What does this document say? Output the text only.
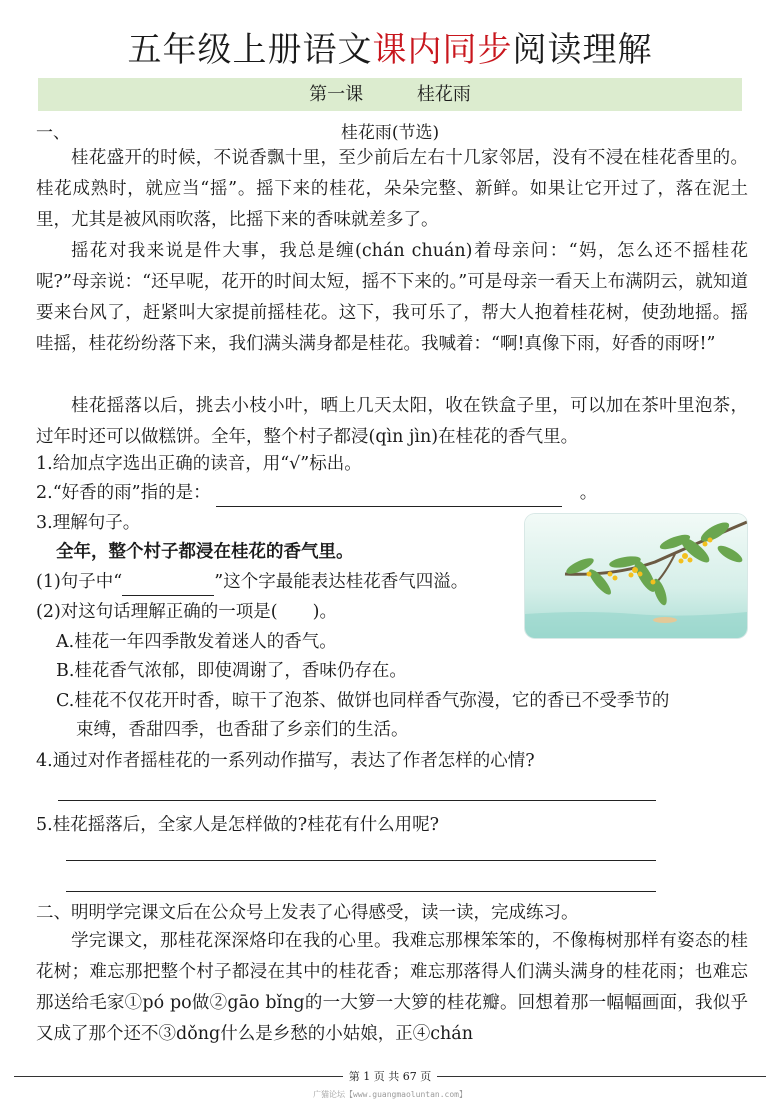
五年级上册语文课内同步阅读理解
第一课	桂花雨
一、	桂花雨(节选)
桂花盛开的时候，不说香飘十里，至少前后左右十几家邻居，没有不浸在桂花香里的。桂花成熟时，就应当“摇”。摇下来的桂花，朵朵完整、新鲜。如果让它开过了，落在泥土里，尤其是被风雨吹落，比摇下来的香味就差多了。
摇花对我来说是件大事，我总是缠(chán chuán)着母亲问：“妈，怎么还不摇桂花呢?”母亲说：“还早呢，花开的时间太短，摇不下来的。”可是母亲一看天上布满阴云，就知道要来台风了，赶紧叫大家提前摇桂花。这下，我可乐了，帮大人抱着桂花树，使劲地摇。摇哇摇，桂花纷纷落下来，我们满头满身都是桂花。我喊着：“啊!真像下雨，好香的雨呀!”
桂花摇落以后，挑去小枝小叶，晒上几天太阳，收在铁盒子里，可以加在茶叶里泡茶，过年时还可以做糕饼。全年，整个村子都浸(qìn jìn)在桂花的香气里。
1.给加点字选出正确的读音，用“√”标出。
2.“好香的雨”指的是：	。
3.理解句子。
全年，整个村子都浸在桂花的香气里。
(1)句子中“	”这个字最能表达桂花香气四溢。
(2)对这句话理解正确的一项是(　　)。
A.桂花一年四季散发着迷人的香气。
B.桂花香气浓郁，即使凋谢了，香味仍存在。
C.桂花不仅花开时香，晾干了泡茶、做饼也同样香气弥漫，它的香已不受季节的
束缚，香甜四季，也香甜了乡亲们的生活。
4.通过对作者摇桂花的一系列动作描写，表达了作者怎样的心情?
5.桂花摇落后，全家人是怎样做的?桂花有什么用呢?
二、明明学完课文后在公众号上发表了心得感受，读一读，完成练习。
学完课文，那桂花深深烙印在我的心里。我难忘那棵笨笨的，不像梅树那样有姿态的桂花树；难忘那把整个村子都浸在其中的桂花香；难忘那落得人们满头满身的桂花雨；也难忘那送给毛家①pó po做②gāo bǐng的一大箩一大箩的桂花瓣。回想着那一幅幅画面，我似乎又成了那个还不③dǒng什么是乡愁的小姑娘，正④chán
第 1 页 共 67 页
广猫论坛【www.guangmaoluntan.com】
